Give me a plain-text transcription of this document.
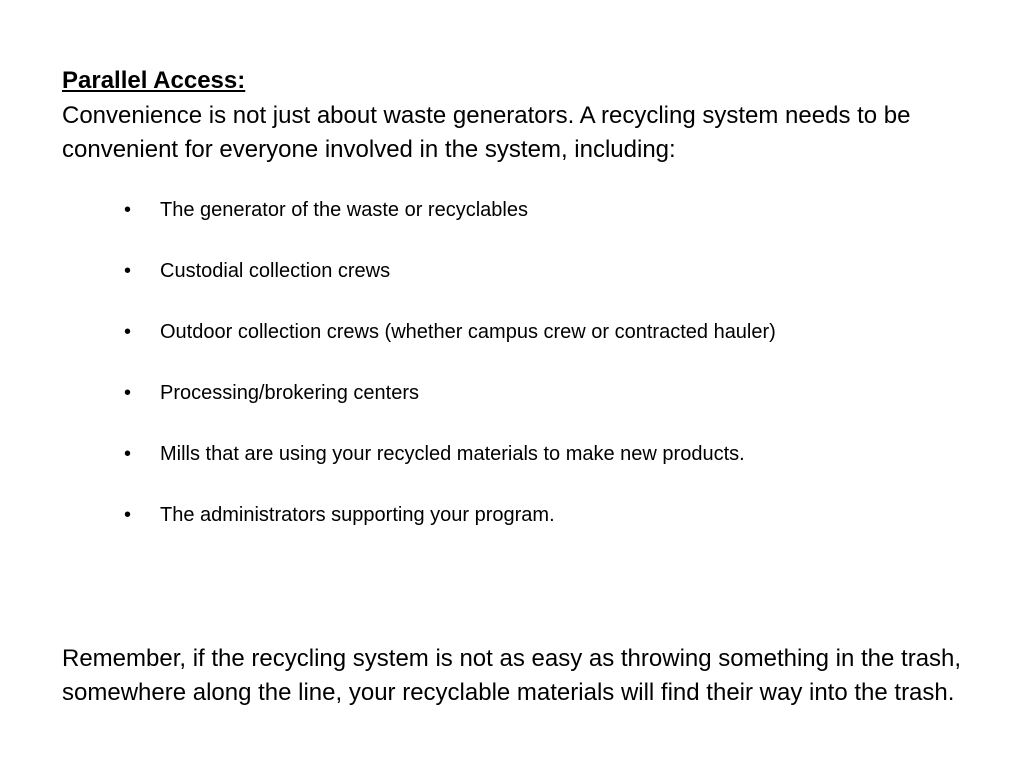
Parallel Access:
Convenience is not just about waste generators. A recycling system needs to be convenient for everyone involved in the system, including:
• The generator of the waste or recyclables
• Custodial collection crews
• Outdoor collection crews (whether campus crew or contracted hauler)
• Processing/brokering centers
• Mills that are using your recycled materials to make new products.
• The administrators supporting your program.
Remember, if the recycling system is not as easy as throwing something in the trash, somewhere along the line, your recyclable materials will find their way into the trash.
